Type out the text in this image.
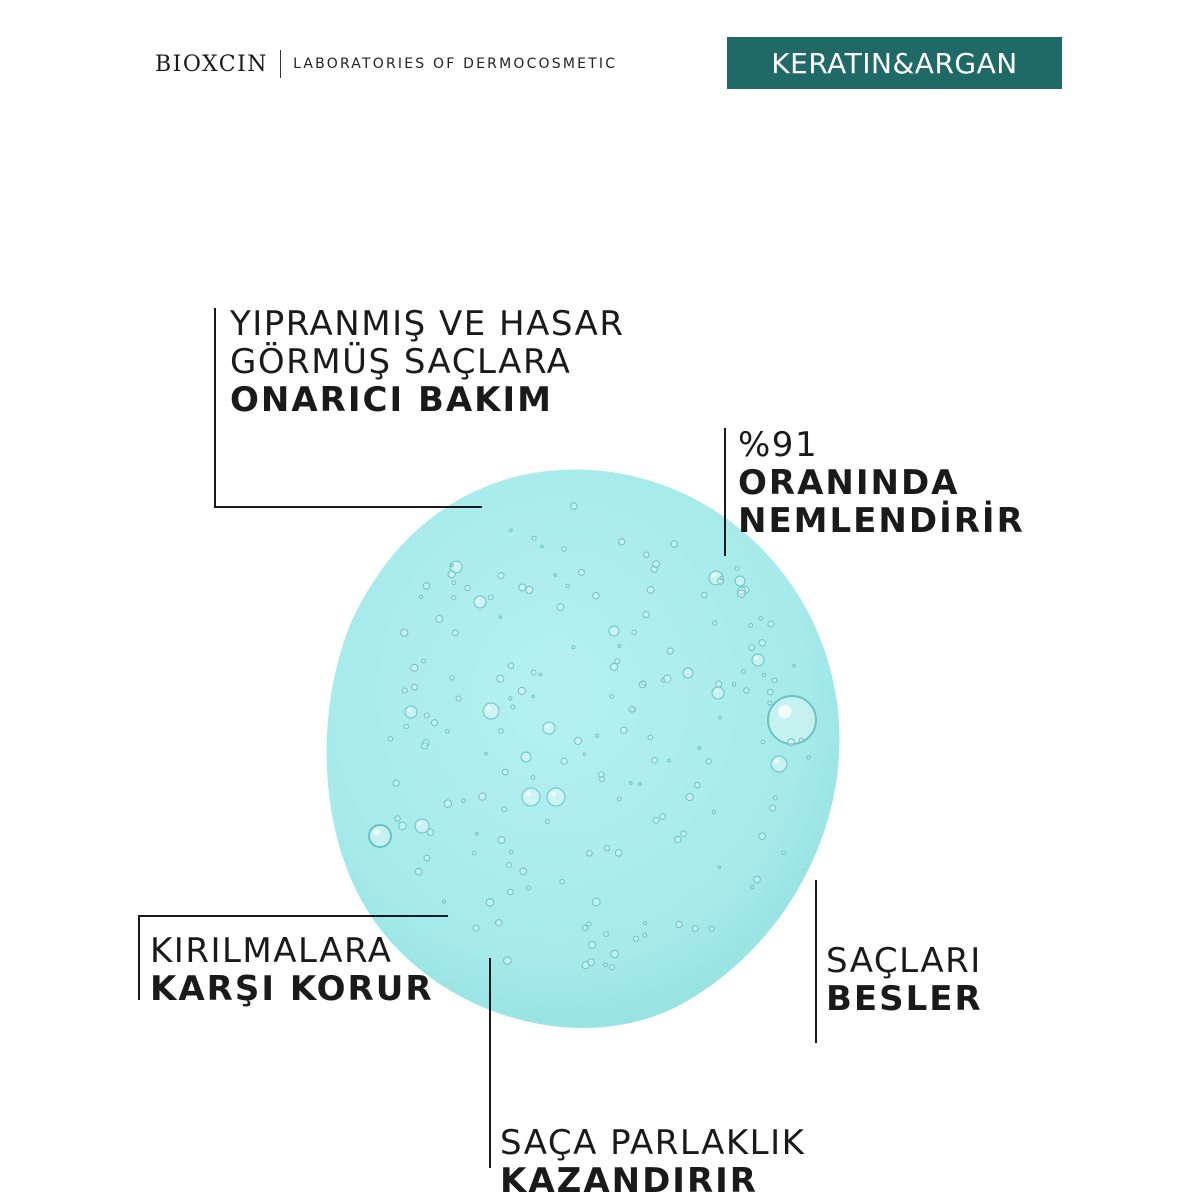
BIOXCIN LABORATORIES OF DERMOCOSMETIC	KERATIN&ARGAN
YIPRANMIŞ VE HASAR
GÖRMÜŞ SAÇLARA
ONARICI BAKIM
%91
ORANINDA
NEMLENDİRİR
KIRILMALARA
KARŞI KORUR
SAÇLARI
BESLER
SAÇA PARLAKLIK
KAZANDIRIR
